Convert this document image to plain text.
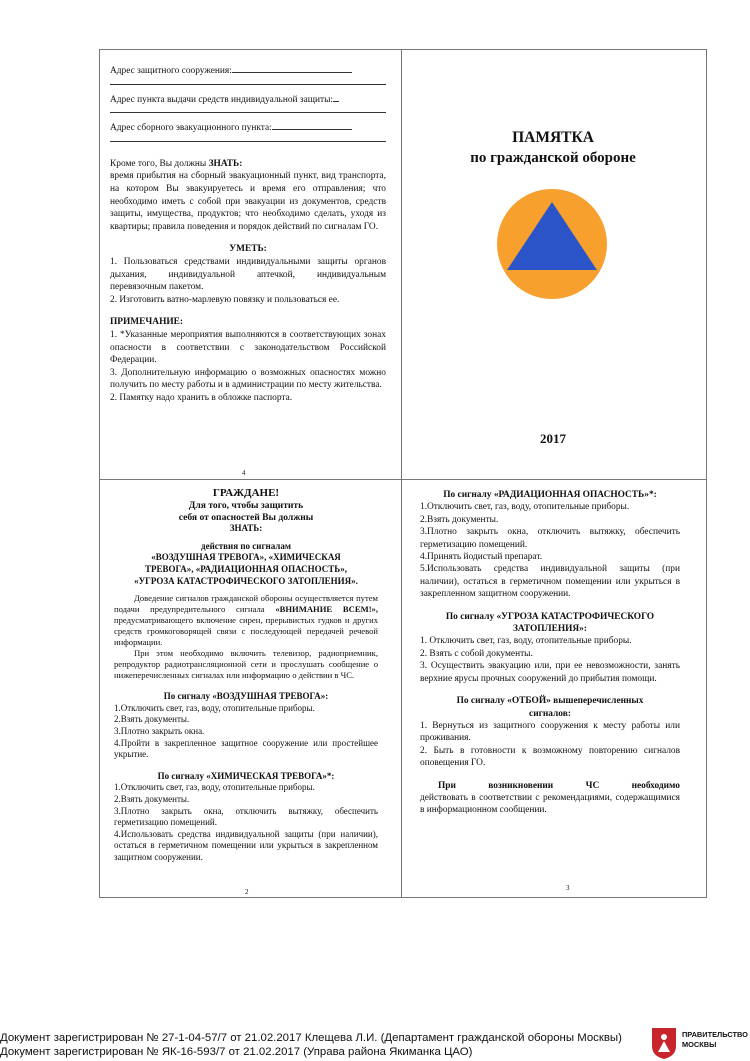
Адрес защитного сооружения:
Адрес пункта выдачи средств индивидуальной защиты:
Адрес сборного эвакуационного пункта:
Кроме того, Вы должны ЗНАТЬ:
время прибытия на сборный эвакуационный пункт, вид транспорта, на котором Вы эвакуируетесь и время его отправления; что необходимо иметь с собой при эвакуации из документов, средств защиты, имущества, продуктов; что необходимо сделать, уходя из квартиры; правила поведения и порядок действий по сигналам ГО.
УМЕТЬ:
1. Пользоваться средствами индивидуальными защиты органов дыхания, индивидуальной аптечкой, индивидуальным перевязочным пакетом.
2. Изготовить ватно-марлевую повязку и пользоваться ее.
ПРИМЕЧАНИЕ:
1. *Указанные мероприятия выполняются в соответствующих зонах опасности в соответствии с законодательством Российской Федерации.
3. Дополнительную информацию о возможных опасностях можно получить по месту работы и в администрации по месту жительства.
2. Памятку надо хранить в обложке паспорта.
4
ПАМЯТКА
по гражданской обороне
2017
ГРАЖДАНЕ!
Для того, чтобы защитить
себя от опасностей Вы должны
ЗНАТЬ:
действия по сигналам
«ВОЗДУШНАЯ ТРЕВОГА», «ХИМИЧЕСКАЯ ТРЕВОГА», «РАДИАЦИОННАЯ ОПАСНОСТЬ», «УГРОЗА КАТАСТРОФИЧЕСКОГО ЗАТОПЛЕНИЯ».
Доведение сигналов гражданской обороны осуществляется путем подачи предупредительного сигнала «ВНИМАНИЕ ВСЕМ!», предусматривающего включение сирен, прерывистых гудков и других средств громкоговорящей связи с последующей передачей речевой информации.
При этом необходимо включить телевизор, радиоприемник, репродуктор радиотрансляционной сети и прослушать сообщение о нижеперечисленных сигналах или информацию о действии в ЧС.
По сигналу «ВОЗДУШНАЯ ТРЕВОГА»:
1.Отключить свет, газ, воду, отопительные приборы.
2.Взять документы.
3.Плотно закрыть окна.
4.Пройти в закрепленное защитное сооружение или простейшее укрытие.
По сигналу «ХИМИЧЕСКАЯ ТРЕВОГА»*:
1.Отключить свет, газ, воду, отопительные приборы.
2.Взять документы.
3.Плотно закрыть окна, отключить вытяжку, обеспечить герметизацию помещений.
4.Использовать средства индивидуальной защиты (при наличии), остаться в герметичном помещении или укрыться в закрепленном защитном сооружении.
2
По сигналу «РАДИАЦИОННАЯ ОПАСНОСТЬ»*:
1.Отключить свет, газ, воду, отопительные приборы.
2.Взять документы.
3.Плотно закрыть окна, отключить вытяжку, обеспечить герметизацию помещений.
4.Принять йодистый препарат.
5.Использовать средства индивидуальной защиты (при наличии), остаться в герметичном помещении или укрыться в закрепленном защитном сооружении.
По сигналу «УГРОЗА КАТАСТРОФИЧЕСКОГО ЗАТОПЛЕНИЯ»:
1. Отключить свет, газ, воду, отопительные приборы.
2. Взять с собой документы.
3. Осуществить эвакуацию или, при ее невозможности, занять верхние ярусы прочных сооружений до прибытия помощи.
По сигналу «ОТБОЙ» вышеперечисленных сигналов:
1. Вернуться из защитного сооружения к месту работы или проживания.
2. Быть в готовности к возможному повторению сигналов оповещения ГО.
При возникновении ЧС необходимо действовать в соответствии с рекомендациями, содержащимися в информационном сообщении.
3
Документ зарегистрирован № 27-1-04-57/7 от 21.02.2017 Клещева Л.И. (Департамент гражданской обороны Москвы)
Документ зарегистрирован № ЯК-16-593/7 от 21.02.2017 (Управа района Якиманка ЦАО)
ПРАВИТЕЛЬСТВО
МОСКВЫ
